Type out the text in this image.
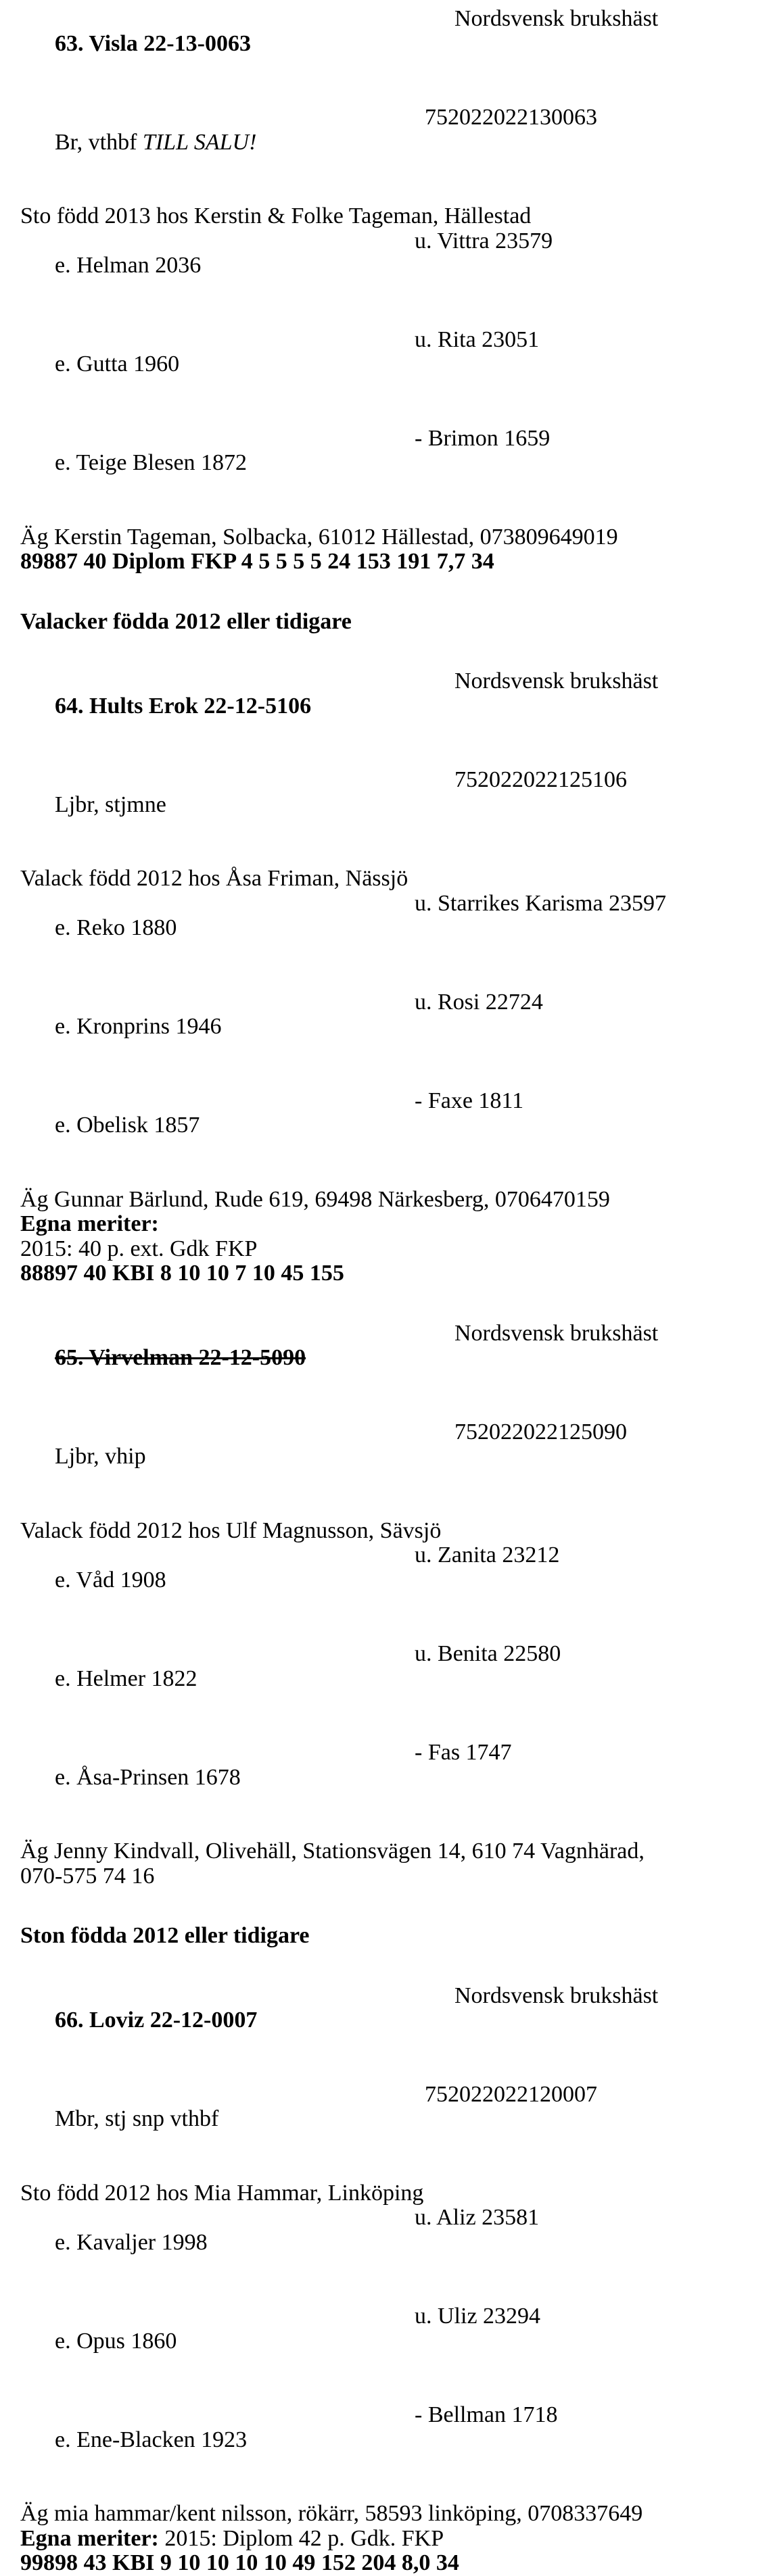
63. Visla 22-13-0063

Nordsvensk brukshäst

Br, vthbf TILL SALU!

752022022130063

Sto född 2013 hos Kerstin & Folke Tageman, Hällestad

e. Helman 2036

u. Vittra 23579

e. Gutta 1960

u. Rita 23051

e. Teige Blesen 1872

- Brimon 1659

Äg Kerstin Tageman, Solbacka, 61012 Hällestad, 073809649019
89887 40 Diplom FKP 4 5 5 5 5 24 153 191 7,7 34
Valacker födda 2012 eller tidigare

64. Hults Erok 22-12-5106

Nordsvensk brukshäst

Ljbr, stjmne

752022022125106

Valack född 2012 hos Åsa Friman, Nässjö

e. Reko 1880

u. Starrikes Karisma 23597

e. Kronprins 1946

u. Rosi 22724

e. Obelisk 1857

- Faxe 1811

Äg Gunnar Bärlund, Rude 619, 69498 Närkesberg, 0706470159
Egna meriter:
2015: 40 p. ext. Gdk FKP
88897 40 KBI 8 10 10 7 10 45 155

65. Virvelman 22-12-5090

Nordsvensk brukshäst

Ljbr, vhip

752022022125090

Valack född 2012 hos Ulf Magnusson, Sävsjö

e. Våd 1908

u. Zanita 23212

e. Helmer 1822

u. Benita 22580

e. Åsa-Prinsen 1678

- Fas 1747

Äg Jenny Kindvall, Olivehäll, Stationsvägen 14, 610 74 Vagnhärad,
070-575 74 16
Ston födda 2012 eller tidigare

66. Loviz 22-12-0007

Nordsvensk brukshäst

Mbr, stj snp vthbf

752022022120007

Sto född 2012 hos Mia Hammar, Linköping

e. Kavaljer 1998

u. Aliz 23581

e. Opus 1860

u. Uliz 23294

e. Ene-Blacken 1923

- Bellman 1718

Äg mia hammar/kent nilsson, rökärr, 58593 linköping, 0708337649
Egna meriter: 2015: Diplom 42 p. Gdk. FKP
99898 43 KBI 9 10 10 10 10 49 152 204 8,0 34
